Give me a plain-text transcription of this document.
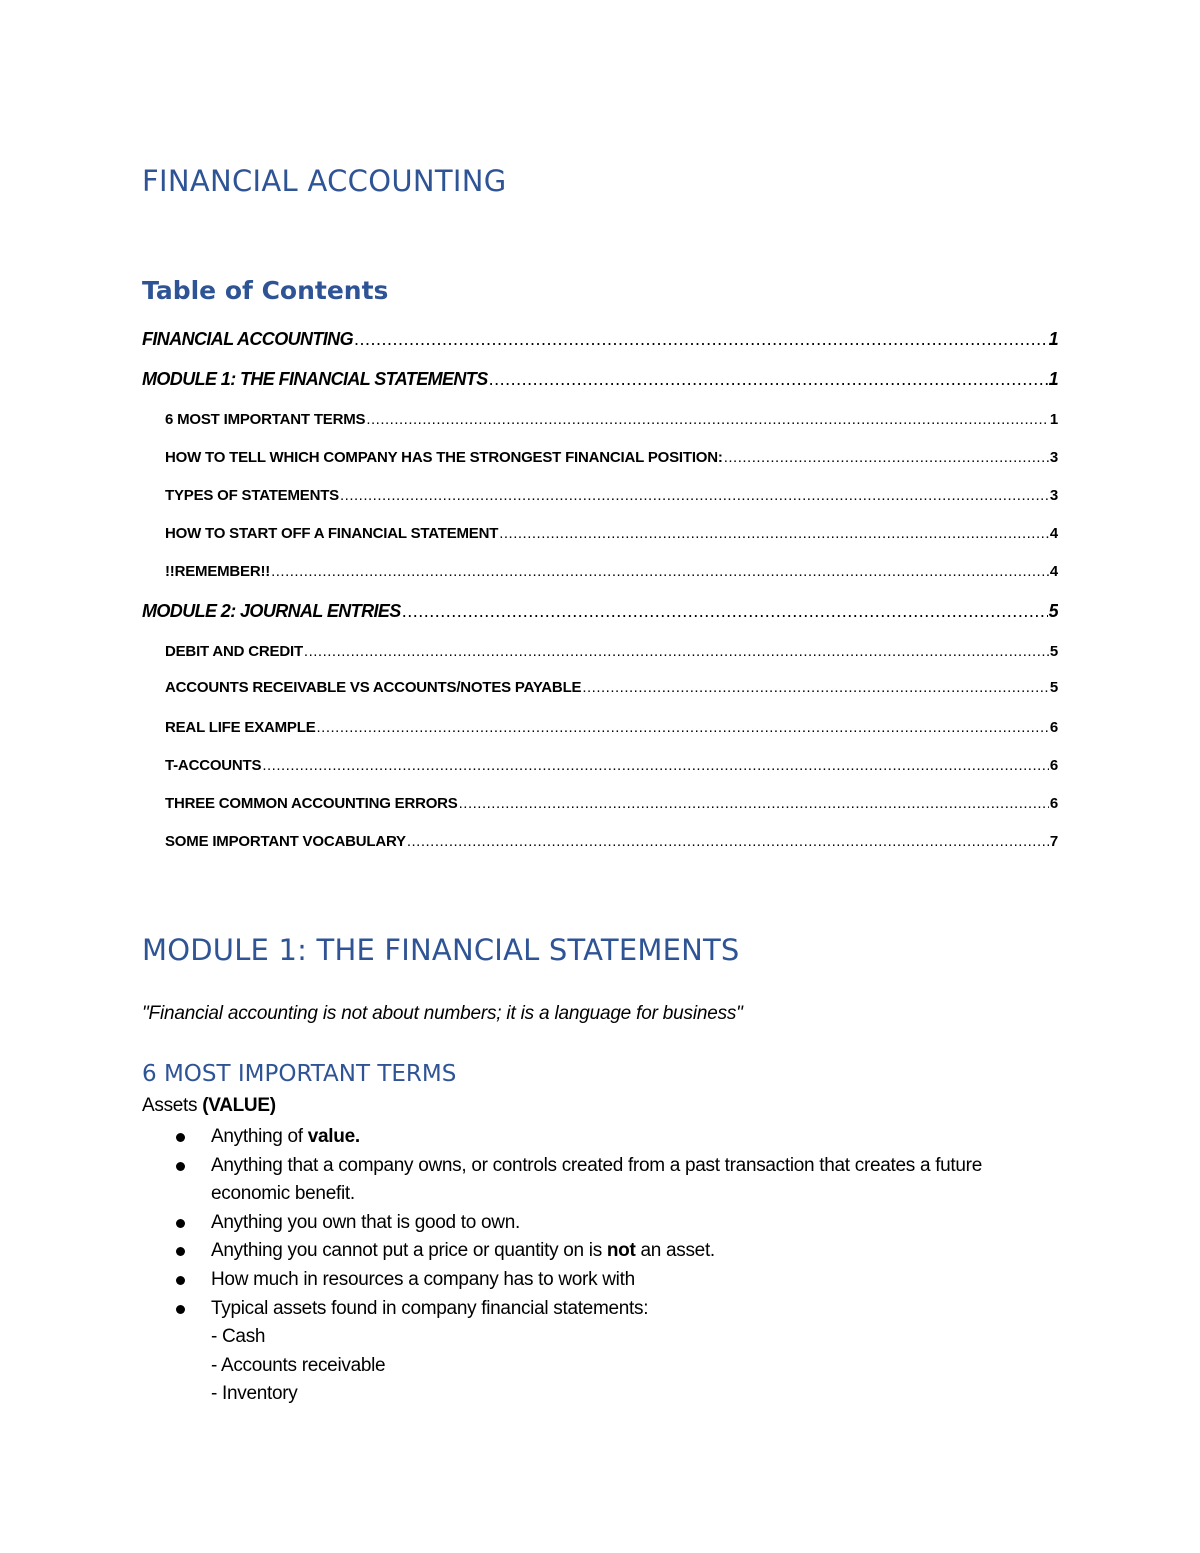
FINANCIAL ACCOUNTING
Table of Contents
FINANCIAL ACCOUNTING .....	1
MODULE 1: THE FINANCIAL STATEMENTS .....	1
6 MOST IMPORTANT TERMS .....	1
HOW TO TELL WHICH COMPANY HAS THE STRONGEST FINANCIAL POSITION: .....	3
TYPES OF STATEMENTS .....	3
HOW TO START OFF A FINANCIAL STATEMENT .....	4
!!REMEMBER!! .....	4
MODULE 2: JOURNAL ENTRIES .....	5
DEBIT AND CREDIT .....	5
ACCOUNTS RECEIVABLE VS ACCOUNTS/NOTES PAYABLE .....	5
REAL LIFE EXAMPLE .....	6
T-ACCOUNTS .....	6
THREE COMMON ACCOUNTING ERRORS .....	6
SOME IMPORTANT VOCABULARY .....	7
MODULE 1: THE FINANCIAL STATEMENTS
"Financial accounting is not about numbers; it is a language for business"
6 MOST IMPORTANT TERMS
Assets (VALUE)
Anything of value.
Anything that a company owns, or controls created from a past transaction that creates a future economic benefit.
Anything you own that is good to own.
Anything you cannot put a price or quantity on is not an asset.
How much in resources a company has to work with
Typical assets found in company financial statements:
- Cash
- Accounts receivable
- Inventory
